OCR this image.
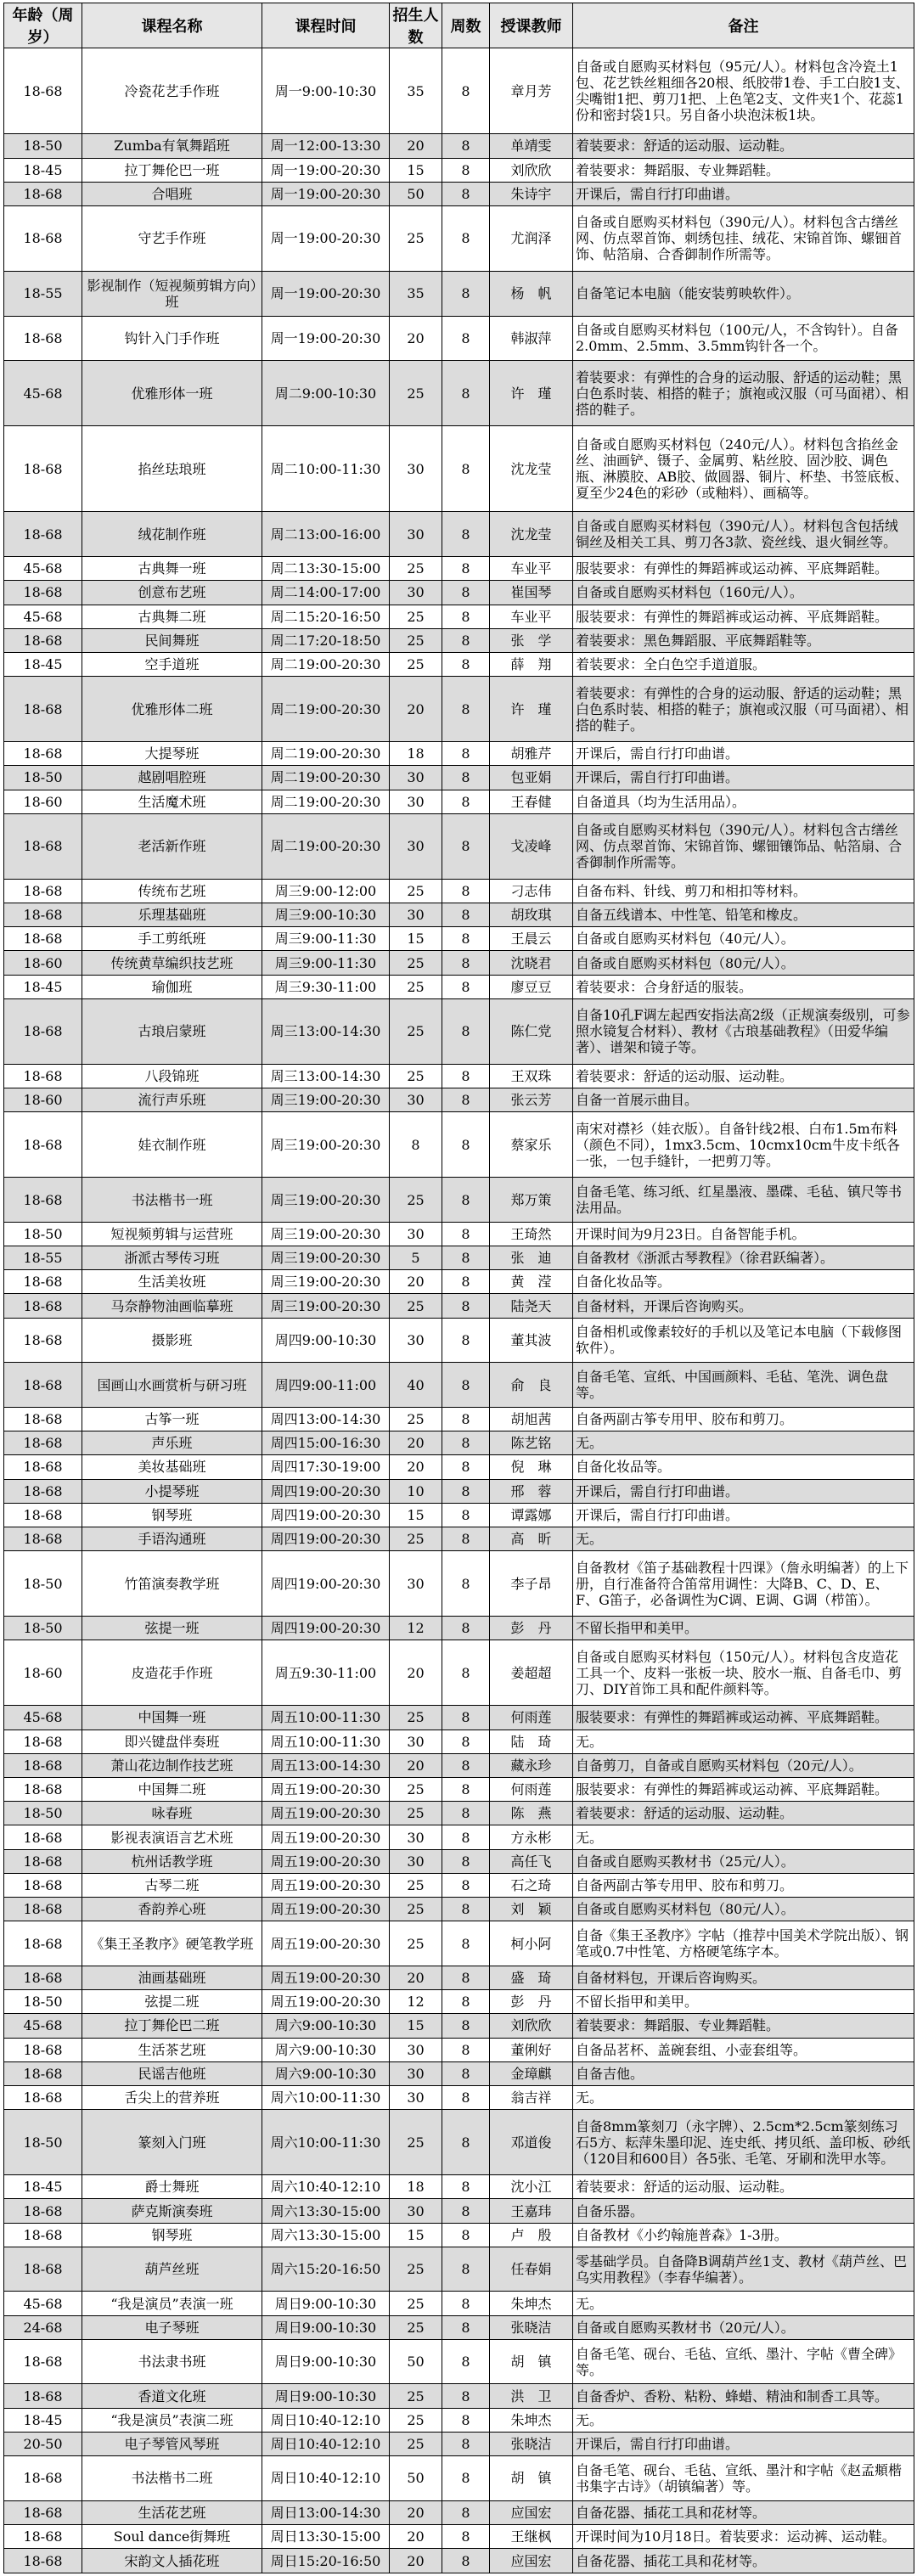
年龄（周岁）	课程名称	课程时间	招生人数	周数	授课教师	备注
18-68	冷瓷花艺手作班	周一9:00-10:30	35	8	章月芳	自备或自愿购买材料包（95元/人）。材料包含冷瓷土1包、花艺铁丝粗细各20根、纸胶带1卷、手工白胶1支、尖嘴钳1把、剪刀1把、上色笔2支、文件夹1个、花蕊1份和密封袋1只。另自备小块泡沫板1块。
18-50	Zumba有氧舞蹈班	周一12:00-13:30	20	8	单靖雯	着装要求：舒适的运动服、运动鞋。
18-45	拉丁舞伦巴一班	周一19:00-20:30	15	8	刘欣欣	着装要求：舞蹈服、专业舞蹈鞋。
18-68	合唱班	周一19:00-20:30	50	8	朱诗宇	开课后，需自行打印曲谱。
18-68	守艺手作班	周一19:00-20:30	25	8	尤润泽	自备或自愿购买材料包（390元/人）。材料包含古缮丝网、仿点翠首饰、刺绣包挂、绒花、宋锦首饰、螺钿首饰、帖箔扇、合香御制作所需等。
18-55	影视制作（短视频剪辑方向）班	周一19:00-20:30	35	8	杨　帆	自备笔记本电脑（能安装剪映软件）。
18-68	钩针入门手作班	周一19:00-20:30	20	8	韩淑萍	自备或自愿购买材料包（100元/人，不含钩针）。自备2.0mm、2.5mm、3.5mm钩针各一个。
45-68	优雅形体一班	周二9:00-10:30	25	8	许　瑾	着装要求：有弹性的合身的运动服、舒适的运动鞋；黑白色系时装、相搭的鞋子；旗袍或汉服（可马面裙）、相搭的鞋子。
18-68	掐丝珐琅班	周二10:00-11:30	30	8	沈龙莹	自备或自愿购买材料包（240元/人）。材料包含掐丝金丝、油画铲、镊子、金属剪、粘丝胶、固沙胶、调色瓶、淋膜胶、AB胶、做圆器、铜片、杯垫、书签底板、夏至少24色的彩砂（或釉料）、画稿等。
18-68	绒花制作班	周二13:00-16:00	30	8	沈龙莹	自备或自愿购买材料包（390元/人）。材料包含包括绒铜丝及相关工具、剪刀各3款、瓷丝线、退火铜丝等。
45-68	古典舞一班	周二13:30-15:00	25	8	车业平	服装要求：有弹性的舞蹈裤或运动裤、平底舞蹈鞋。
18-68	创意布艺班	周二14:00-17:00	30	8	崔国琴	自备或自愿购买材料包（160元/人）。
45-68	古典舞二班	周二15:20-16:50	25	8	车业平	服装要求：有弹性的舞蹈裤或运动裤、平底舞蹈鞋。
18-68	民间舞班	周二17:20-18:50	25	8	张　学	着装要求：黑色舞蹈服、平底舞蹈鞋等。
18-45	空手道班	周二19:00-20:30	25	8	薛　翔	着装要求：全白色空手道道服。
18-68	优雅形体二班	周二19:00-20:30	20	8	许　瑾	着装要求：有弹性的合身的运动服、舒适的运动鞋；黑白色系时装、相搭的鞋子；旗袍或汉服（可马面裙）、相搭的鞋子。
18-68	大提琴班	周二19:00-20:30	18	8	胡雅芹	开课后，需自行打印曲谱。
18-50	越剧唱腔班	周二19:00-20:30	30	8	包亚娟	开课后，需自行打印曲谱。
18-60	生活魔术班	周二19:00-20:30	30	8	王春健	自备道具（均为生活用品）。
18-68	老活新作班	周二19:00-20:30	30	8	戈凌峰	自备或自愿购买材料包（390元/人）。材料包含古缮丝网、仿点翠首饰、宋锦首饰、螺钿镶饰品、帖箔扇、合香御制作所需等。
18-68	传统布艺班	周三9:00-12:00	25	8	刁志伟	自备布料、针线、剪刀和相扣等材料。
18-68	乐理基础班	周三9:00-10:30	30	8	胡玫琪	自备五线谱本、中性笔、铅笔和橡皮。
18-68	手工剪纸班	周三9:00-11:30	15	8	王晨云	自备或自愿购买材料包（40元/人）。
18-60	传统黄草编织技艺班	周三9:00-11:30	25	8	沈晓君	自备或自愿购买材料包（80元/人）。
18-45	瑜伽班	周三9:30-11:00	25	8	廖豆豆	着装要求：合身舒适的服装。
18-68	古琅启蒙班	周三13:00-14:30	25	8	陈仁党	自备10孔F调左起西安指法高2级（正规演奏级别，可参照水镜复合材料）、教材《古琅基础教程》（田爱华编著）、谱架和镜子等。
18-68	八段锦班	周三13:00-14:30	25	8	王双珠	着装要求：舒适的运动服、运动鞋。
18-60	流行声乐班	周三19:00-20:30	30	8	张云芳	自备一首展示曲目。
18-68	娃衣制作班	周三19:00-20:30	8	8	蔡家乐	南宋对襟衫（娃衣版）。自备针线2根、白布1.5m布料（颜色不同），1mx3.5cm、10cmx10cm牛皮卡纸各一张，一包手缝针，一把剪刀等。
18-68	书法楷书一班	周三19:00-20:30	25	8	郑万策	自备毛笔、练习纸、红星墨液、墨碟、毛毡、镇尺等书法用品。
18-50	短视频剪辑与运营班	周三19:00-20:30	30	8	王琦然	开课时间为9月23日。自备智能手机。
18-55	浙派古琴传习班	周三19:00-20:30	5	8	张　迪	自备教材《浙派古琴教程》（徐君跃编著）。
18-68	生活美妆班	周三19:00-20:30	20	8	黄　滢	自备化妆品等。
18-68	马奈静物油画临摹班	周三19:00-20:30	25	8	陆尧天	自备材料，开课后咨询购买。
18-68	摄影班	周四9:00-10:30	30	8	董其波	自备相机或像素较好的手机以及笔记本电脑（下载修图软件）。
18-68	国画山水画赏析与研习班	周四9:00-11:00	40	8	俞　良	自备毛笔、宣纸、中国画颜料、毛毡、笔洗、调色盘等。
18-68	古筝一班	周四13:00-14:30	25	8	胡旭茜	自备两副古筝专用甲、胶布和剪刀。
18-68	声乐班	周四15:00-16:30	20	8	陈艺铭	无。
18-68	美妆基础班	周四17:30-19:00	20	8	倪　琳	自备化妆品等。
18-68	小提琴班	周四19:00-20:30	10	8	邢　蓉	开课后，需自行打印曲谱。
18-68	钢琴班	周四19:00-20:30	15	8	谭露娜	开课后，需自行打印曲谱。
18-68	手语沟通班	周四19:00-20:30	25	8	高　昕	无。
18-50	竹笛演奏教学班	周四19:00-20:30	30	8	李子昂	自备教材《笛子基础教程十四课》（詹永明编著）的上下册，自行准备符合笛常用调性：大降B、C、D、E、F、G笛子，必备调性为C调、E调、G调（栉笛）。
18-50	弦提一班	周四19:00-20:30	12	8	彭　丹	不留长指甲和美甲。
18-60	皮造花手作班	周五9:30-11:00	20	8	姜超超	自备或自愿购买材料包（150元/人）。材料包含皮造花工具一个、皮料一张板一块、胶水一瓶、自备毛巾、剪刀、DIY首饰工具和配件颜料等。
45-68	中国舞一班	周五10:00-11:30	25	8	何雨莲	服装要求：有弹性的舞蹈裤或运动裤、平底舞蹈鞋。
18-68	即兴键盘伴奏班	周五10:00-11:30	30	8	陆　琦	无。
18-68	萧山花边制作技艺班	周五13:00-14:30	20	8	藏永珍	自备剪刀，自备或自愿购买材料包（20元/人）。
18-68	中国舞二班	周五19:00-20:30	25	8	何雨莲	服装要求：有弹性的舞蹈裤或运动裤、平底舞蹈鞋。
18-50	咏春班	周五19:00-20:30	25	8	陈　燕	着装要求：舒适的运动服、运动鞋。
18-68	影视表演语言艺术班	周五19:00-20:30	30	8	方永彬	无。
18-68	杭州话教学班	周五19:00-20:30	30	8	高任飞	自备或自愿购买教材书（25元/人）。
18-68	古琴二班	周五19:00-20:30	25	8	石之琦	自备两副古筝专用甲、胶布和剪刀。
18-68	香韵养心班	周五19:00-20:30	25	8	刘　颖	自备或自愿购买材料包（80元/人）。
18-68	《集王圣教序》硬笔教学班	周五19:00-20:30	25	8	柯小阿	自备《集王圣教序》字帖（推荐中国美术学院出版）、钢笔或0.7中性笔、方格硬笔练字本。
18-68	油画基础班	周五19:00-20:30	20	8	盛　琦	自备材料包，开课后咨询购买。
18-50	弦提二班	周五19:00-20:30	12	8	彭　丹	不留长指甲和美甲。
45-68	拉丁舞伦巴二班	周六9:00-10:30	15	8	刘欣欣	着装要求：舞蹈服、专业舞蹈鞋。
18-68	生活茶艺班	周六9:00-10:30	30	8	董俐好	自备品茗杯、盖碗套组、小壶套组等。
18-68	民谣吉他班	周六9:00-10:30	30	8	金璋麒	自备吉他。
18-68	舌尖上的营养班	周六10:00-11:30	30	8	翁吉祥	无。
18-50	篆刻入门班	周六10:00-11:30	25	8	邓道俊	自备8mm篆刻刀（永字牌）、2.5cm*2.5cm篆刻练习石5方、耘萍朱墨印泥、连史纸、拷贝纸、盖印板、砂纸（120目和600目）各5张、毛笔、牙刷和洗甲水等。
18-45	爵士舞班	周六10:40-12:10	18	8	沈小江	着装要求：舒适的运动服、运动鞋。
18-68	萨克斯演奏班	周六13:30-15:00	30	8	王嘉玮	自备乐器。
18-68	钢琴班	周六13:30-15:00	15	8	卢　殷	自备教材《小约翰施普森》1-3册。
18-68	葫芦丝班	周六15:20-16:50	25	8	任春娟	零基础学员。自备降B调葫芦丝1支、教材《葫芦丝、巴乌实用教程》（李春华编著）。
45-68	“我是演员”表演一班	周日9:00-10:30	25	8	朱坤杰	无。
24-68	电子琴班	周日9:00-10:30	25	8	张晓洁	自备或自愿购买教材书（20元/人）。
18-68	书法隶书班	周日9:00-10:30	50	8	胡　镇	自备毛笔、砚台、毛毡、宣纸、墨汁、字帖《曹全碑》等。
18-68	香道文化班	周日9:00-10:30	25	8	洪　卫	自备香炉、香粉、粘粉、蜂蜡、精油和制香工具等。
18-45	“我是演员”表演二班	周日10:40-12:10	25	8	朱坤杰	无。
20-50	电子琴管风琴班	周日10:40-12:10	25	8	张晓洁	开课后，需自行打印曲谱。
18-68	书法楷书二班	周日10:40-12:10	50	8	胡　镇	自备毛笔、砚台、毛毡、宣纸、墨汁和字帖《赵孟頫楷书集字古诗》（胡镇编著）等。
18-68	生活花艺班	周日13:00-14:30	20	8	应国宏	自备花器、插花工具和花材等。
18-68	Soul dance街舞班	周日13:30-15:00	20	8	王继枫	开课时间为10月18日。着装要求：运动裤、运动鞋。
18-68	宋韵文人插花班	周日15:20-16:50	20	8	应国宏	自备花器、插花工具和花材等。
